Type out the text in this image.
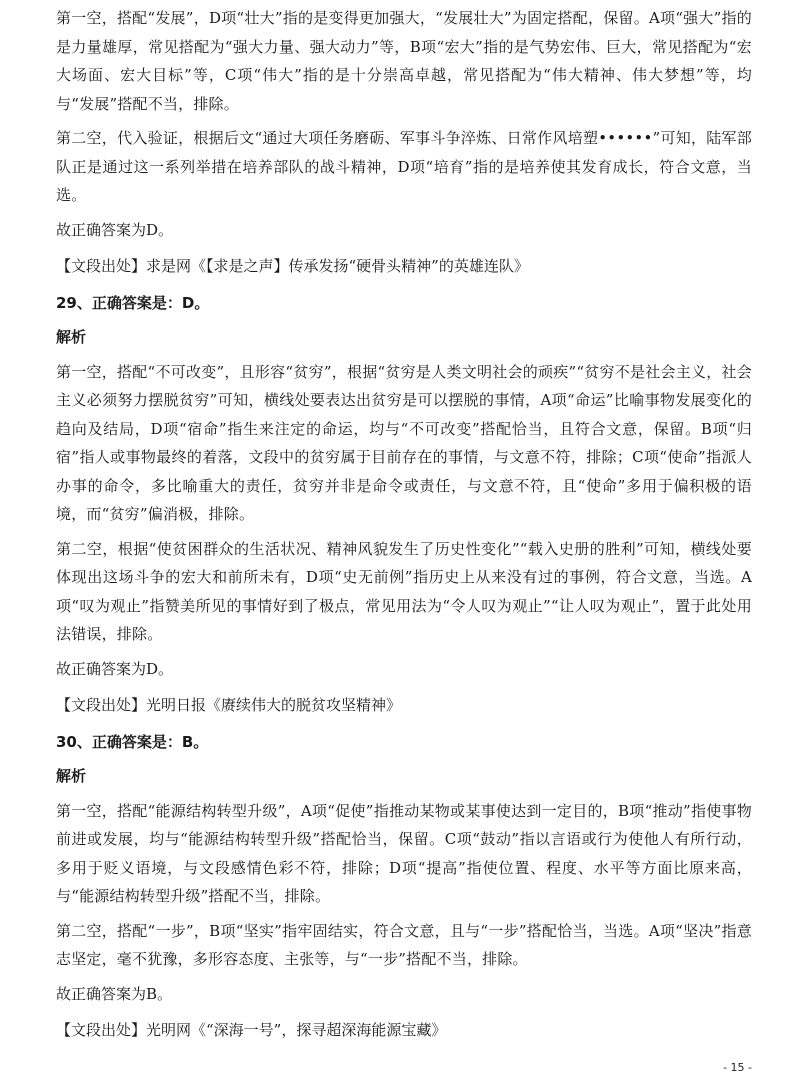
第一空，搭配“发展”，D项“壮大”指的是变得更加强大，“发展壮大”为固定搭配，保留。A项“强大”指的是力量雄厚，常见搭配为“强大力量、强大动力”等，B项“宏大”指的是气势宏伟、巨大，常见搭配为“宏大场面、宏大目标”等，C项“伟大”指的是十分崇高卓越，常见搭配为“伟大精神、伟大梦想”等，均与“发展”搭配不当，排除。

第二空，代入验证，根据后文“通过大项任务磨砺、军事斗争淬炼、日常作风培塑••••••”可知，陆军部队正是通过这一系列举措在培养部队的战斗精神，D项“培育”指的是培养使其发育成长，符合文意，当选。

故正确答案为D。

【文段出处】求是网《【求是之声】传承发扬“硬骨头精神”的英雄连队》

29、正确答案是：D。

解析

第一空，搭配“不可改变”，且形容“贫穷”，根据“贫穷是人类文明社会的顽疾”“贫穷不是社会主义，社会主义必须努力摆脱贫穷”可知，横线处要表达出贫穷是可以摆脱的事情，A项“命运”比喻事物发展变化的趋向及结局，D项“宿命”指生来注定的命运，均与“不可改变”搭配恰当，且符合文意，保留。B项“归宿”指人或事物最终的着落，文段中的贫穷属于目前存在的事情，与文意不符，排除；C项“使命”指派人办事的命令，多比喻重大的责任，贫穷并非是命令或责任，与文意不符，且“使命”多用于偏积极的语境，而“贫穷”偏消极，排除。

第二空，根据“使贫困群众的生活状况、精神风貌发生了历史性变化”“载入史册的胜利”可知，横线处要体现出这场斗争的宏大和前所未有，D项“史无前例”指历史上从来没有过的事例，符合文意，当选。A项“叹为观止”指赞美所见的事情好到了极点，常见用法为“令人叹为观止”“让人叹为观止”，置于此处用法错误，排除。

故正确答案为D。

【文段出处】光明日报《赓续伟大的脱贫攻坚精神》

30、正确答案是：B。

解析

第一空，搭配“能源结构转型升级”，A项“促使”指推动某物或某事使达到一定目的，B项“推动”指使事物前进或发展，均与“能源结构转型升级”搭配恰当，保留。C项“鼓动”指以言语或行为使他人有所行动，多用于贬义语境，与文段感情色彩不符，排除；D项“提高”指使位置、程度、水平等方面比原来高，与“能源结构转型升级”搭配不当，排除。

第二空，搭配“一步”，B项“坚实”指牢固结实，符合文意，且与“一步”搭配恰当，当选。A项“坚决”指意志坚定，毫不犹豫，多形容态度、主张等，与“一步”搭配不当，排除。

故正确答案为B。

【文段出处】光明网《“深海一号”，探寻超深海能源宝藏》

- 15 -
